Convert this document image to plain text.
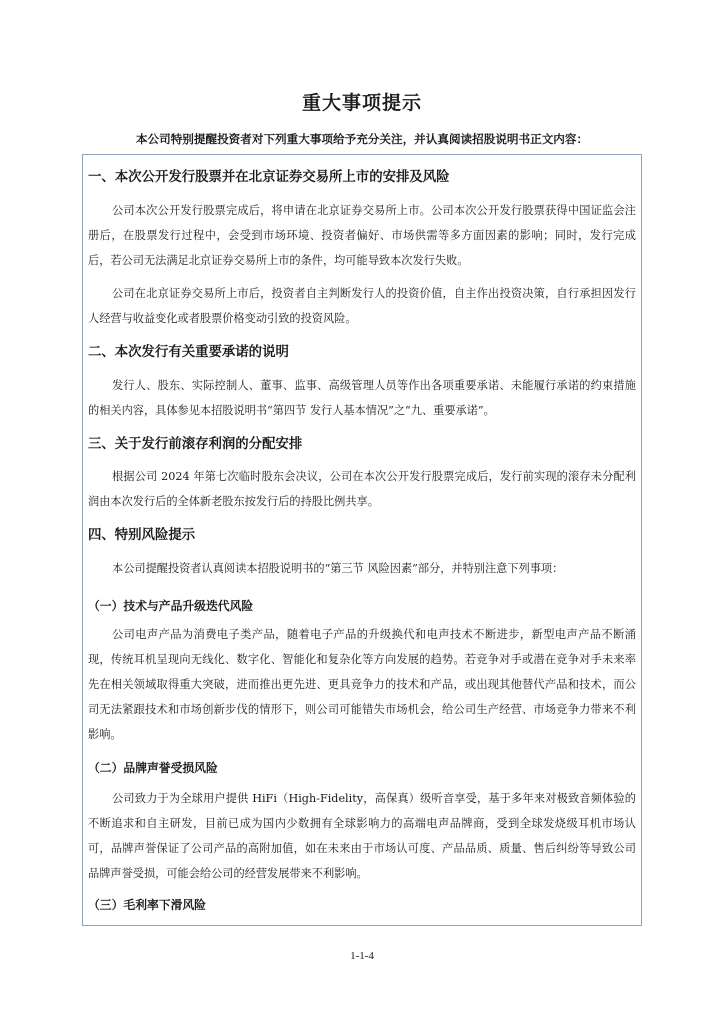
重大事项提示
本公司特别提醒投资者对下列重大事项给予充分关注，并认真阅读招股说明书正文内容：
一、本次公开发行股票并在北京证券交易所上市的安排及风险

公司本次公开发行股票完成后，将申请在北京证券交易所上市。公司本次公开发行股票获得中国证监会注册后，在股票发行过程中，会受到市场环境、投资者偏好、市场供需等多方面因素的影响；同时，发行完成后，若公司无法满足北京证券交易所上市的条件，均可能导致本次发行失败。

公司在北京证券交易所上市后，投资者自主判断发行人的投资价值，自主作出投资决策，自行承担因发行人经营与收益变化或者股票价格变动引致的投资风险。

二、本次发行有关重要承诺的说明

发行人、股东、实际控制人、董事、监事、高级管理人员等作出各项重要承诺、未能履行承诺的约束措施的相关内容，具体参见本招股说明书“第四节 发行人基本情况”之“九、重要承诺”。

三、关于发行前滚存利润的分配安排

根据公司 2024 年第七次临时股东会决议，公司在本次公开发行股票完成后，发行前实现的滚存未分配利润由本次发行后的全体新老股东按发行后的持股比例共享。

四、特别风险提示

本公司提醒投资者认真阅读本招股说明书的“第三节 风险因素”部分，并特别注意下列事项：

（一）技术与产品升级迭代风险

公司电声产品为消费电子类产品，随着电子产品的升级换代和电声技术不断进步，新型电声产品不断涌现，传统耳机呈现向无线化、数字化、智能化和复杂化等方向发展的趋势。若竞争对手或潜在竞争对手未来率先在相关领域取得重大突破，进而推出更先进、更具竞争力的技术和产品，或出现其他替代产品和技术，而公司无法紧跟技术和市场创新步伐的情形下，则公司可能错失市场机会，给公司生产经营、市场竞争力带来不利影响。

（二）品牌声誉受损风险

公司致力于为全球用户提供 HiFi（High-Fidelity，高保真）级听音享受，基于多年来对极致音频体验的不断追求和自主研发，目前已成为国内少数拥有全球影响力的高端电声品牌商，受到全球发烧级耳机市场认可，品牌声誉保证了公司产品的高附加值，如在未来由于市场认可度、产品品质、质量、售后纠纷等导致公司品牌声誉受损，可能会给公司的经营发展带来不利影响。

（三）毛利率下滑风险
1-1-4
